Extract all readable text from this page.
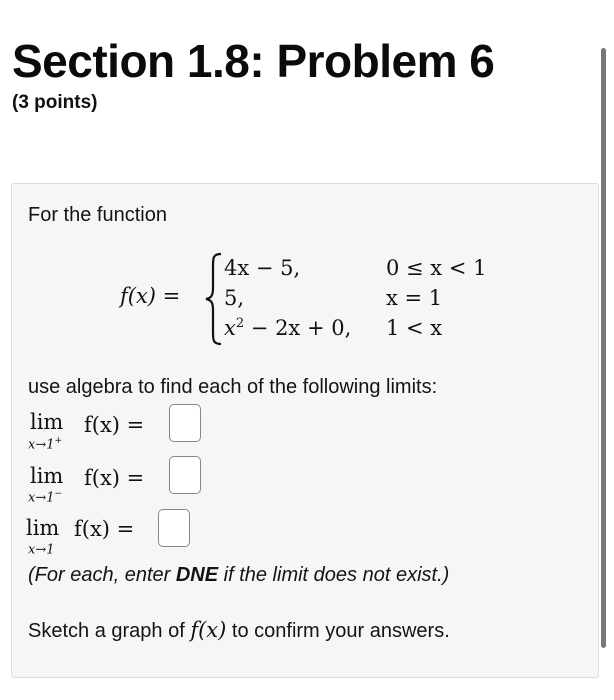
Section 1.8: Problem 6
(3 points)
For the function
f(x) =
4x − 5,	0 ≤ x < 1
5,	x = 1
$x^2 - 2x + 0$, 1 < x
use algebra to find each of the following limits:
lim
x→1+
f(x) =
lim
x→1−
f(x) =
lim
x→1
f(x) =
(For each, enter DNE if the limit does not exist.)
Sketch a graph of f(x) to confirm your answers.
